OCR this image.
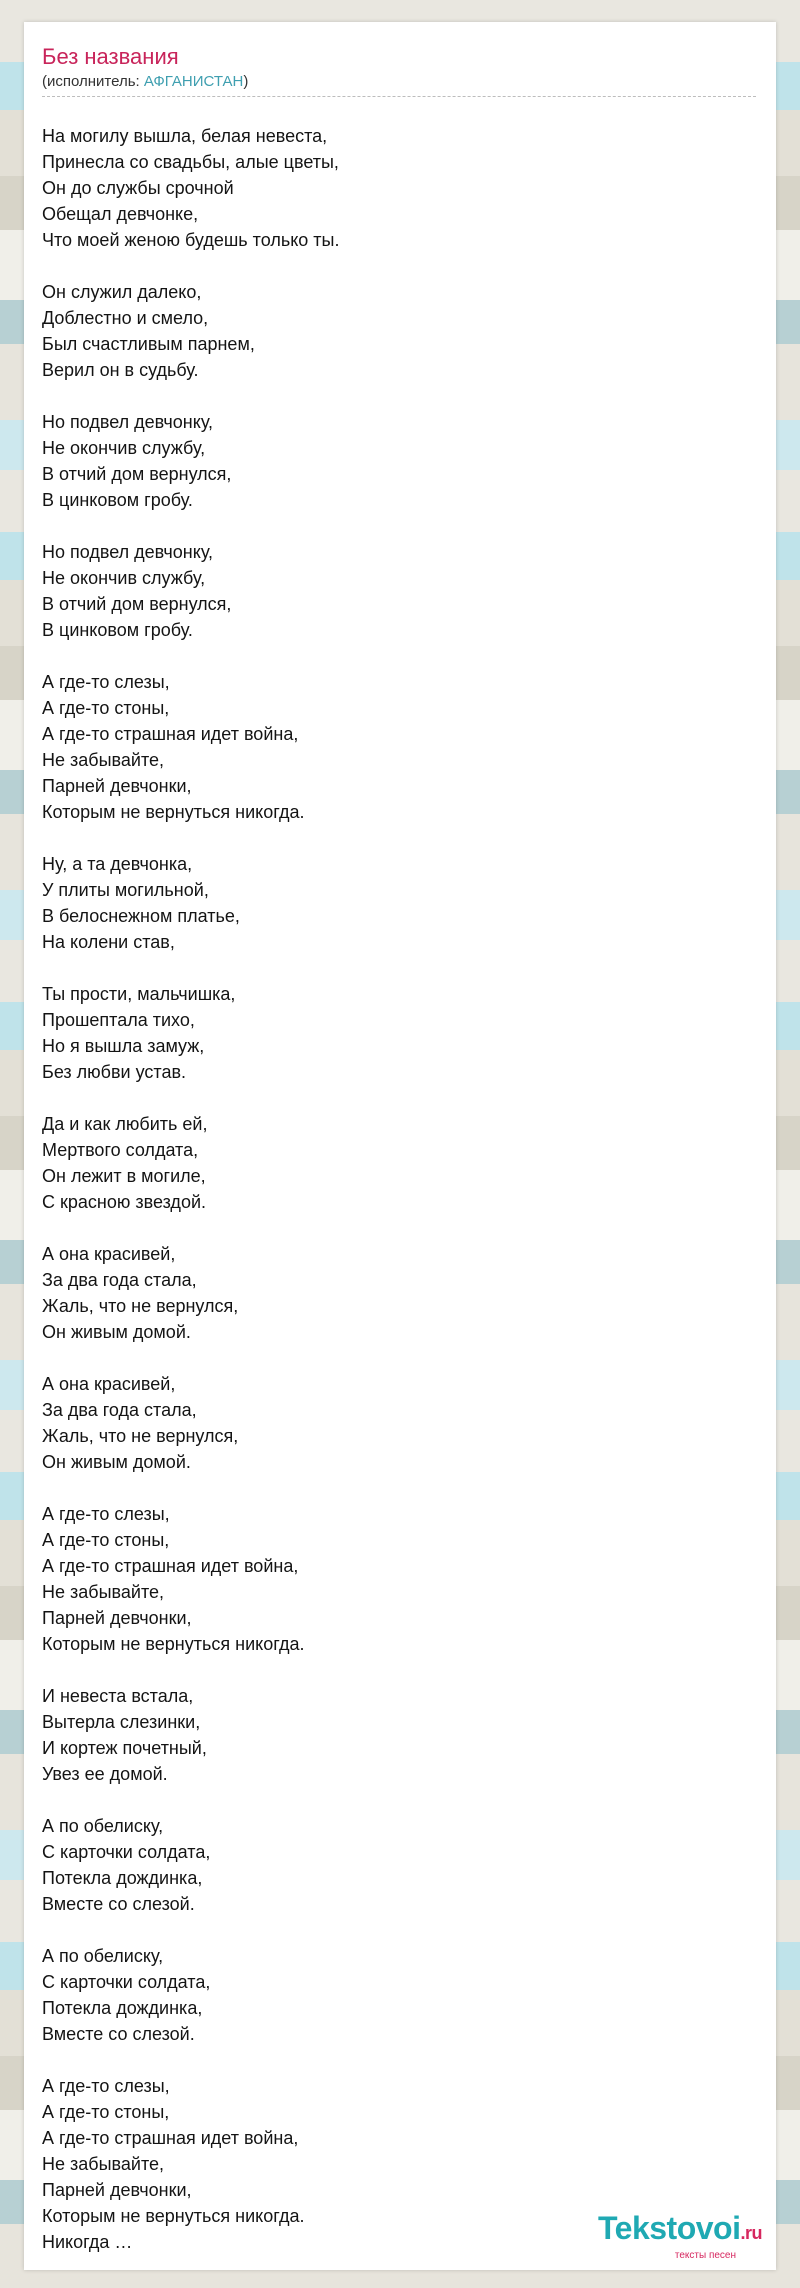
Без названия
(исполнитель: АФГАНИСТАН)
На могилу вышла, белая невеста,
Принесла со свадьбы, алые цветы,
Он до службы срочной
Обещал девчонке,
Что моей женою будешь только ты.
Он служил далеко,
Доблестно и смело,
Был счастливым парнем,
Верил он в судьбу.
Но подвел девчонку,
Не окончив службу,
В отчий дом вернулся,
В цинковом гробу.
Но подвел девчонку,
Не окончив службу,
В отчий дом вернулся,
В цинковом гробу.
А где-то слезы,
А где-то стоны,
А где-то страшная идет война,
Не забывайте,
Парней девчонки,
Которым не вернуться никогда.
Ну, а та девчонка,
У плиты могильной,
В белоснежном платье,
На колени став,
Ты прости, мальчишка,
Прошептала тихо,
Но я вышла замуж,
Без любви устав.
Да и как любить ей,
Мертвого солдата,
Он лежит в могиле,
С красною звездой.
А она красивей,
За два года стала,
Жаль, что не вернулся,
Он живым домой.
А она красивей,
За два года стала,
Жаль, что не вернулся,
Он живым домой.
А где-то слезы,
А где-то стоны,
А где-то страшная идет война,
Не забывайте,
Парней девчонки,
Которым не вернуться никогда.
И невеста встала,
Вытерла слезинки,
И кортеж почетный,
Увез ее домой.
А по обелиску,
С карточки солдата,
Потекла дождинка,
Вместе со слезой.
А по обелиску,
С карточки солдата,
Потекла дождинка,
Вместе со слезой.
А где-то слезы,
А где-то стоны,
А где-то страшная идет война,
Не забывайте,
Парней девчонки,
Которым не вернуться никогда.
Никогда …	Tekstovoi.ru
тексты песен
